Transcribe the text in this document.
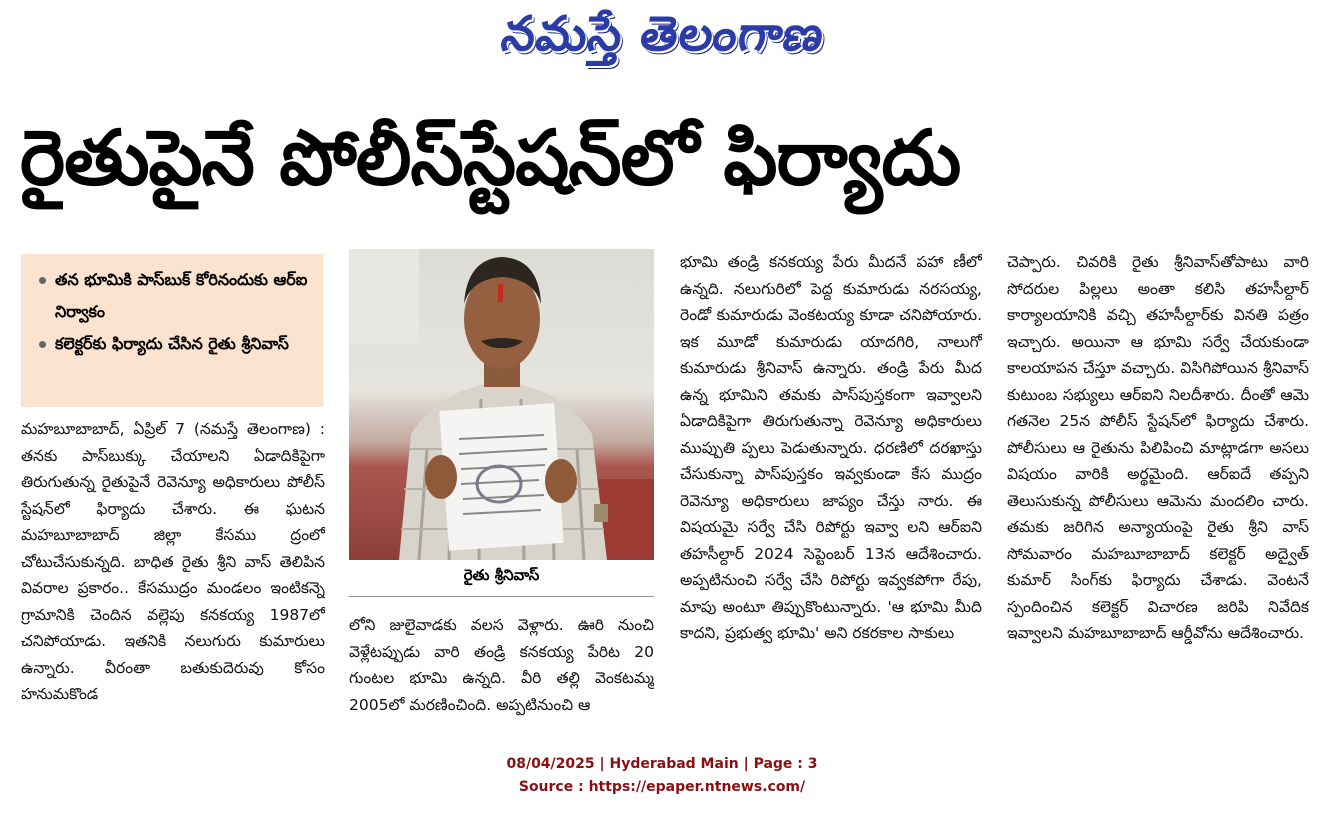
నమస్తే తెలంగాణ
రైతుపైనే పోలీస్‌స్టేషన్‌లో ఫిర్యాదు
తన భూమికి పాస్‌బుక్ కోరినందుకు ఆర్‌ఐ నిర్వాకం
కలెక్టర్‌కు ఫిర్యాదు చేసిన రైతు శ్రీనివాస్

మహబూబాబాద్, ఏప్రిల్ 7 (నమస్తే తెలంగాణ) : తనకు పాస్‌బుక్కు చేయాలని ఏడాదికిపైగా తిరుగుతున్న రైతుపైనే రెవెన్యూ అధికారులు పోలీస్ స్టేషన్‌లో ఫిర్యాదు చేశారు. ఈ ఘటన మహబూబాబాద్ జిల్లా కేసము ద్రంలో చోటుచేసుకున్నది. బాధిత రైతు శ్రీని వాస్ తెలిపిన వివరాల ప్రకారం.. కేసముద్రం మండలం ఇంటికన్నె గ్రామానికి చెందిన వల్లెపు కనకయ్య 1987లో చనిపోయాడు. ఇతనికి నలుగురు కుమారులు ఉన్నారు. వీరంతా బతుకుదెరువు కోసం హనుమకొండ

రైతు శ్రీనివాస్

లోని జులైవాడకు వలస వెళ్లారు. ఊరి నుంచి వెళ్లేటప్పుడు వారి తండ్రి కనకయ్య పేరిట 20 గుంటల భూమి ఉన్నది. వీరి తల్లి వెంకటమ్మ 2005లో మరణించింది. అప్పటినుంచి ఆ

భూమి తండ్రి కనకయ్య పేరు మీదనే పహా ణీలో ఉన్నది. నలుగురిలో పెద్ద కుమారుడు నరసయ్య, రెండో కుమారుడు వెంకటయ్య కూడా చనిపోయారు. ఇక మూడో కుమారుడు యాదగిరి, నాలుగో కుమారుడు శ్రీనివాస్ ఉన్నారు. తండ్రి పేరు మీద ఉన్న భూమిని తమకు పాస్‌పుస్తకంగా ఇవ్వాలని ఏడాదికిపైగా తిరుగుతున్నా రెవెన్యూ అధికారులు ముప్పుతి ప్పలు పెడుతున్నారు. ధరణిలో దరఖాస్తు చేసుకున్నా పాస్‌పుస్తకం ఇవ్వకుండా కేస ముద్రం రెవెన్యూ అధికారులు జాప్యం చేస్తు నారు. ఈ విషయమై సర్వే చేసి రిపోర్టు ఇవ్వా లని ఆర్‌ఐని తహసీల్దార్ 2024 సెప్టెంబర్ 13న ఆదేశించారు. అప్పటినుంచి సర్వే చేసి రిపోర్టు ఇవ్వకపోగా రేపు, మాపు అంటూ తిప్పుకొంటున్నారు. 'ఆ భూమి మీది కాదని, ప్రభుత్వ భూమి' అని రకరకాల సాకులు

చెప్పారు. చివరికి రైతు శ్రీనివాస్‌తోపాటు వారి సోదరుల పిల్లలు అంతా కలిసి తహసీల్దార్ కార్యాలయానికి వచ్చి తహసీల్దార్‌కు వినతి పత్రం ఇచ్చారు. అయినా ఆ భూమి సర్వే చేయకుండా కాలయాపన చేస్తూ వచ్చారు. విసిగిపోయిన శ్రీనివాస్ కుటుంబ సభ్యులు ఆర్‌ఐని నిలదీశారు. దీంతో ఆమె గతనెల 25న పోలీస్ స్టేషన్‌లో ఫిర్యాదు చేశారు. పోలీసులు ఆ రైతును పిలిపించి మాట్లాడగా అసలు విషయం వారికి అర్థమైంది. ఆర్‌ఐదే తప్పని తెలుసుకున్న పోలీసులు ఆమెను మందలిం చారు. తమకు జరిగిన అన్యాయంపై రైతు శ్రీని వాస్ సోమవారం మహబూబాబాద్ కలెక్టర్ అద్వైత్ కుమార్ సింగ్‌కు ఫిర్యాదు చేశాడు. వెంటనే స్పందించిన కలెక్టర్ విచారణ జరిపి నివేదిక ఇవ్వాలని మహబూబాబాద్ ఆర్డీవోను ఆదేశించారు.

08/04/2025 | Hyderabad Main | Page : 3
Source : https://epaper.ntnews.com/
